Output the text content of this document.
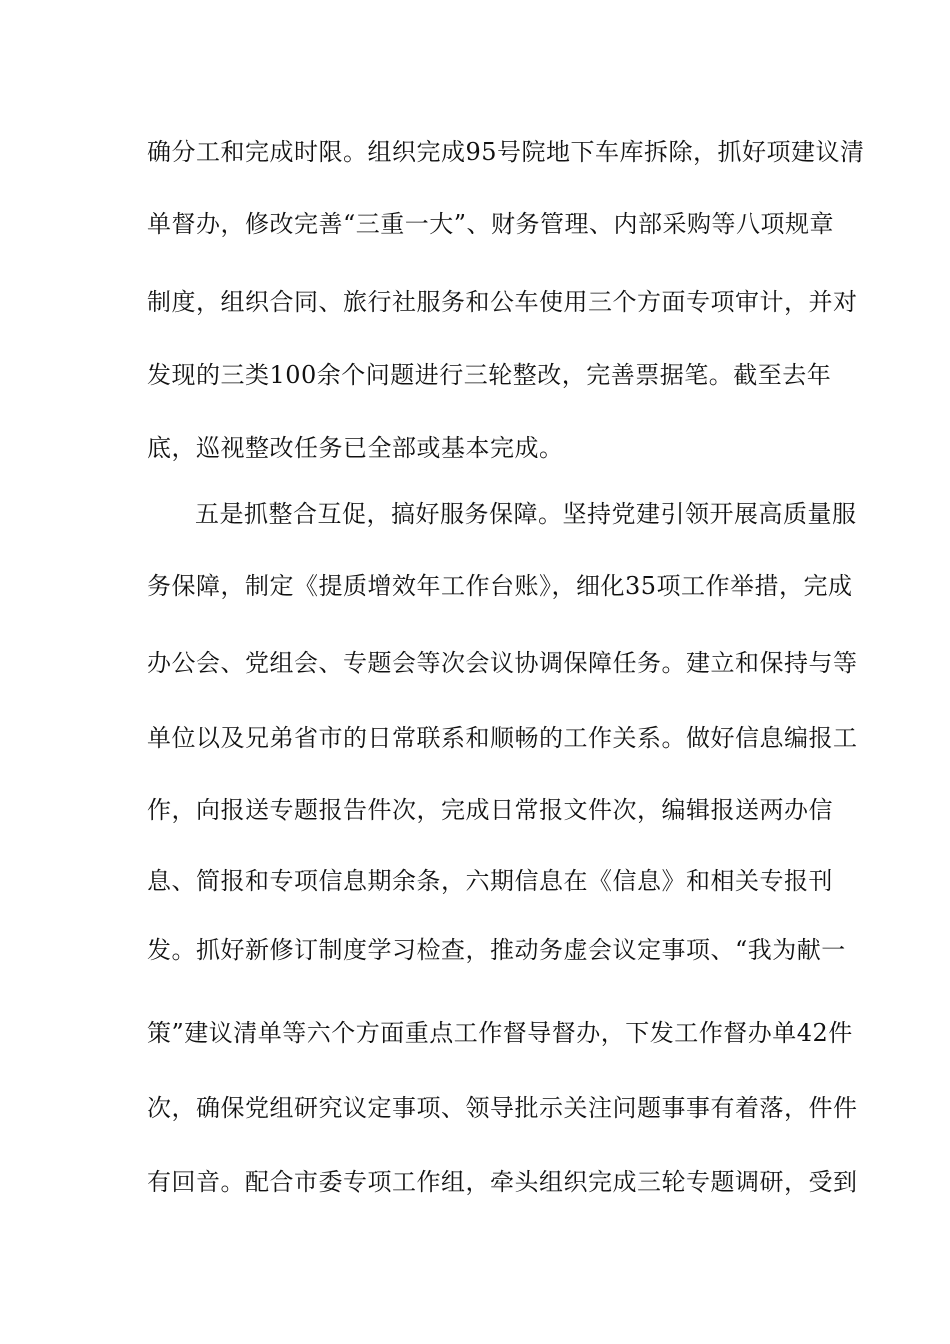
确分工和完成时限。组织完成95号院地下车库拆除，抓好项建议清
单督办，修改完善“三重一大”、财务管理、内部采购等八项规章
制度，组织合同、旅行社服务和公车使用三个方面专项审计，并对
发现的三类100余个问题进行三轮整改，完善票据笔。截至去年
底，巡视整改任务已全部或基本完成。
五是抓整合互促，搞好服务保障。坚持党建引领开展高质量服
务保障，制定《提质增效年工作台账》，细化35项工作举措，完成
办公会、党组会、专题会等次会议协调保障任务。建立和保持与等
单位以及兄弟省市的日常联系和顺畅的工作关系。做好信息编报工
作，向报送专题报告件次，完成日常报文件次，编辑报送两办信
息、简报和专项信息期余条，六期信息在《信息》和相关专报刊
发。抓好新修订制度学习检查，推动务虚会议定事项、“我为献一
策”建议清单等六个方面重点工作督导督办，下发工作督办单42件
次，确保党组研究议定事项、领导批示关注问题事事有着落，件件
有回音。配合市委专项工作组，牵头组织完成三轮专题调研，受到
